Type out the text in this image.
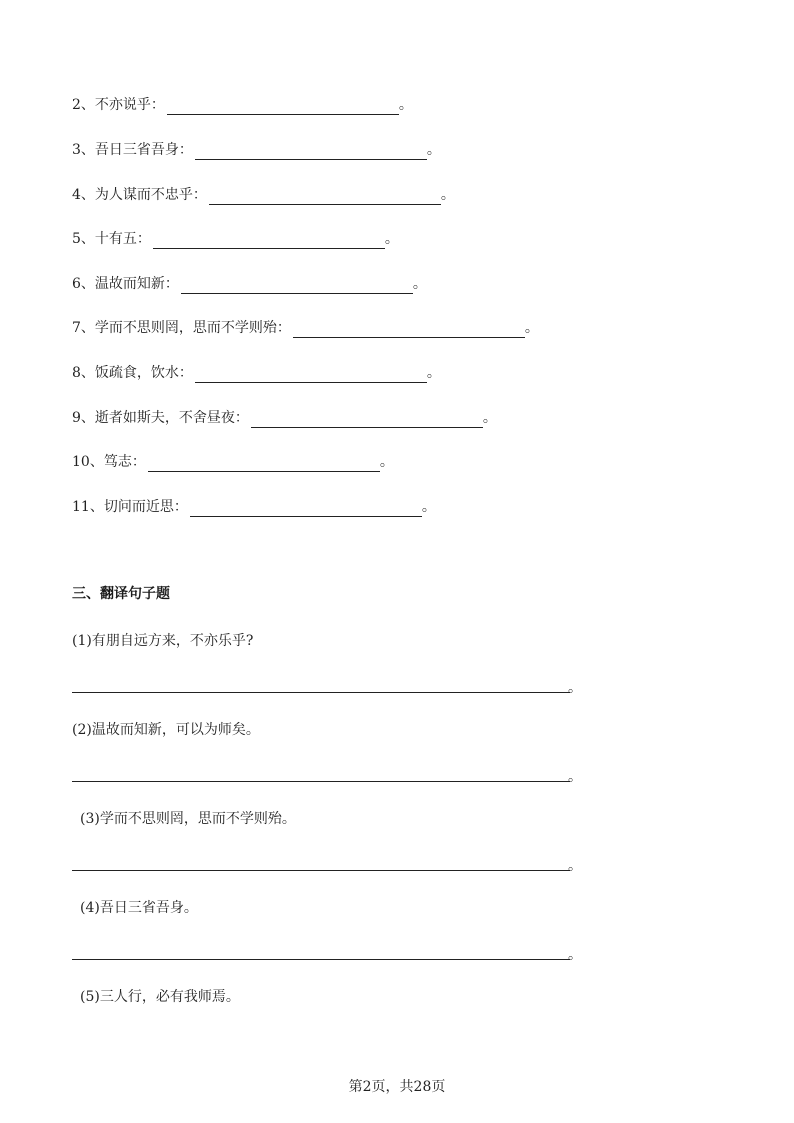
2、不亦说乎：	。
3、吾日三省吾身：	。
4、为人谋而不忠乎：	。
5、十有五：	。
6、温故而知新：	。
7、学而不思则罔，思而不学则殆：	。
8、饭疏食，饮水：	。
9、逝者如斯夫，不舍昼夜：	。
10、笃志：	。
11、切问而近思：	。
三、翻译句子题
(1)有朋自远方来，不亦乐乎?
。
(2)温故而知新，可以为师矣。
。
(3)学而不思则罔，思而不学则殆。
。
(4)吾日三省吾身。
。
(5)三人行，必有我师焉。
第2页，共28页
